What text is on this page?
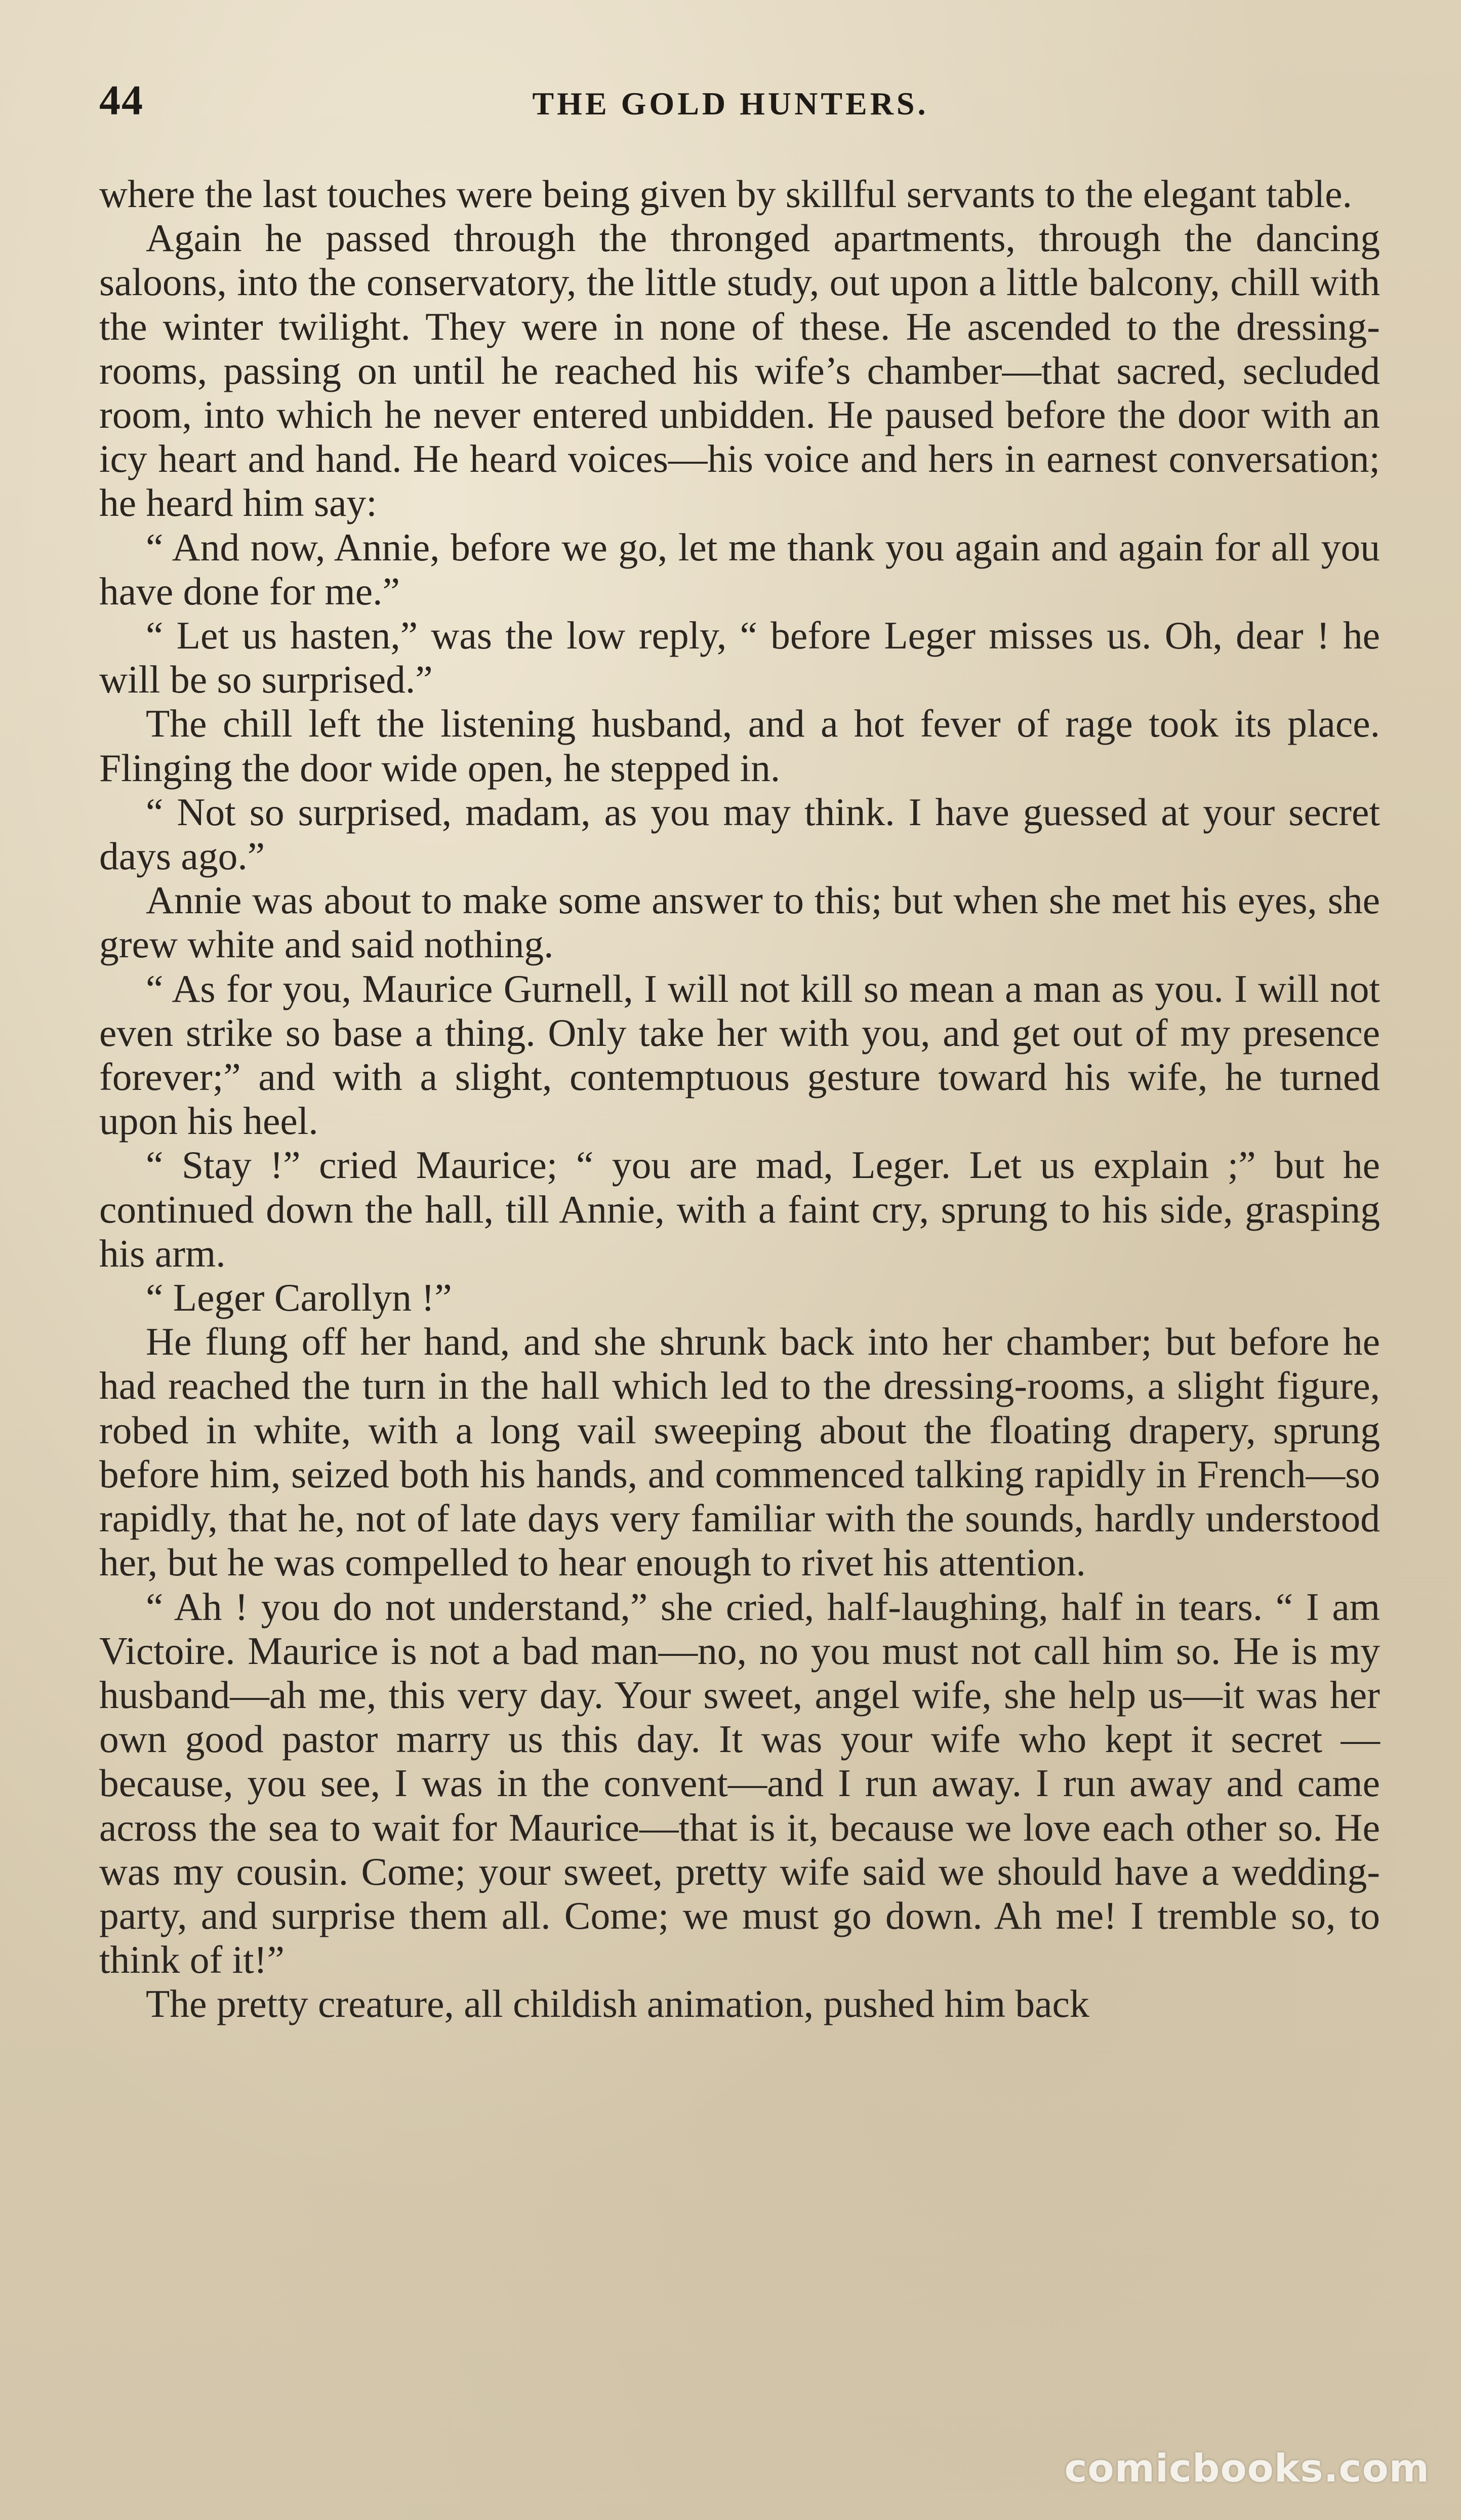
44	THE GOLD HUNTERS.

where the last touches were being given by skillful servants to the elegant table.

Again he passed through the thronged apartments, through the dancing saloons, into the conservatory, the little study, out upon a little balcony, chill with the winter twilight. They were in none of these. He ascended to the dressing-rooms, passing on until he reached his wife’s chamber—that sacred, secluded room, into which he never entered unbidden. He paused before the door with an icy heart and hand. He heard voices—his voice and hers in earnest conversation; he heard him say:

“ And now, Annie, before we go, let me thank you again and again for all you have done for me.”

“ Let us hasten,” was the low reply, “ before Leger misses us. Oh, dear ! he will be so surprised.”

The chill left the listening husband, and a hot fever of rage took its place. Flinging the door wide open, he stepped in.

“ Not so surprised, madam, as you may think. I have guessed at your secret days ago.”

Annie was about to make some answer to this; but when she met his eyes, she grew white and said nothing.

“ As for you, Maurice Gurnell, I will not kill so mean a man as you. I will not even strike so base a thing. Only take her with you, and get out of my presence forever;” and with a slight, contemptuous gesture toward his wife, he turned upon his heel.

“ Stay !” cried Maurice; “ you are mad, Leger. Let us explain ;” but he continued down the hall, till Annie, with a faint cry, sprung to his side, grasping his arm.

“ Leger Carollyn !”

He flung off her hand, and she shrunk back into her chamber; but before he had reached the turn in the hall which led to the dressing-rooms, a slight figure, robed in white, with a long vail sweeping about the floating drapery, sprung before him, seized both his hands, and commenced talking rapidly in French—so rapidly, that he, not of late days very familiar with the sounds, hardly understood her, but he was compelled to hear enough to rivet his attention.

“ Ah ! you do not understand,” she cried, half-laughing, half in tears. “ I am Victoire. Maurice is not a bad man—no, no you must not call him so. He is my husband—ah me, this very day. Your sweet, angel wife, she help us—it was her own good pastor marry us this day. It was your wife who kept it secret —because, you see, I was in the convent—and I run away. I run away and came across the sea to wait for Maurice—that is it, because we love each other so. He was my cousin. Come; your sweet, pretty wife said we should have a wedding-party, and surprise them all. Come; we must go down. Ah me! I tremble so, to think of it!”

The pretty creature, all childish animation, pushed him back

comicbooks.com
